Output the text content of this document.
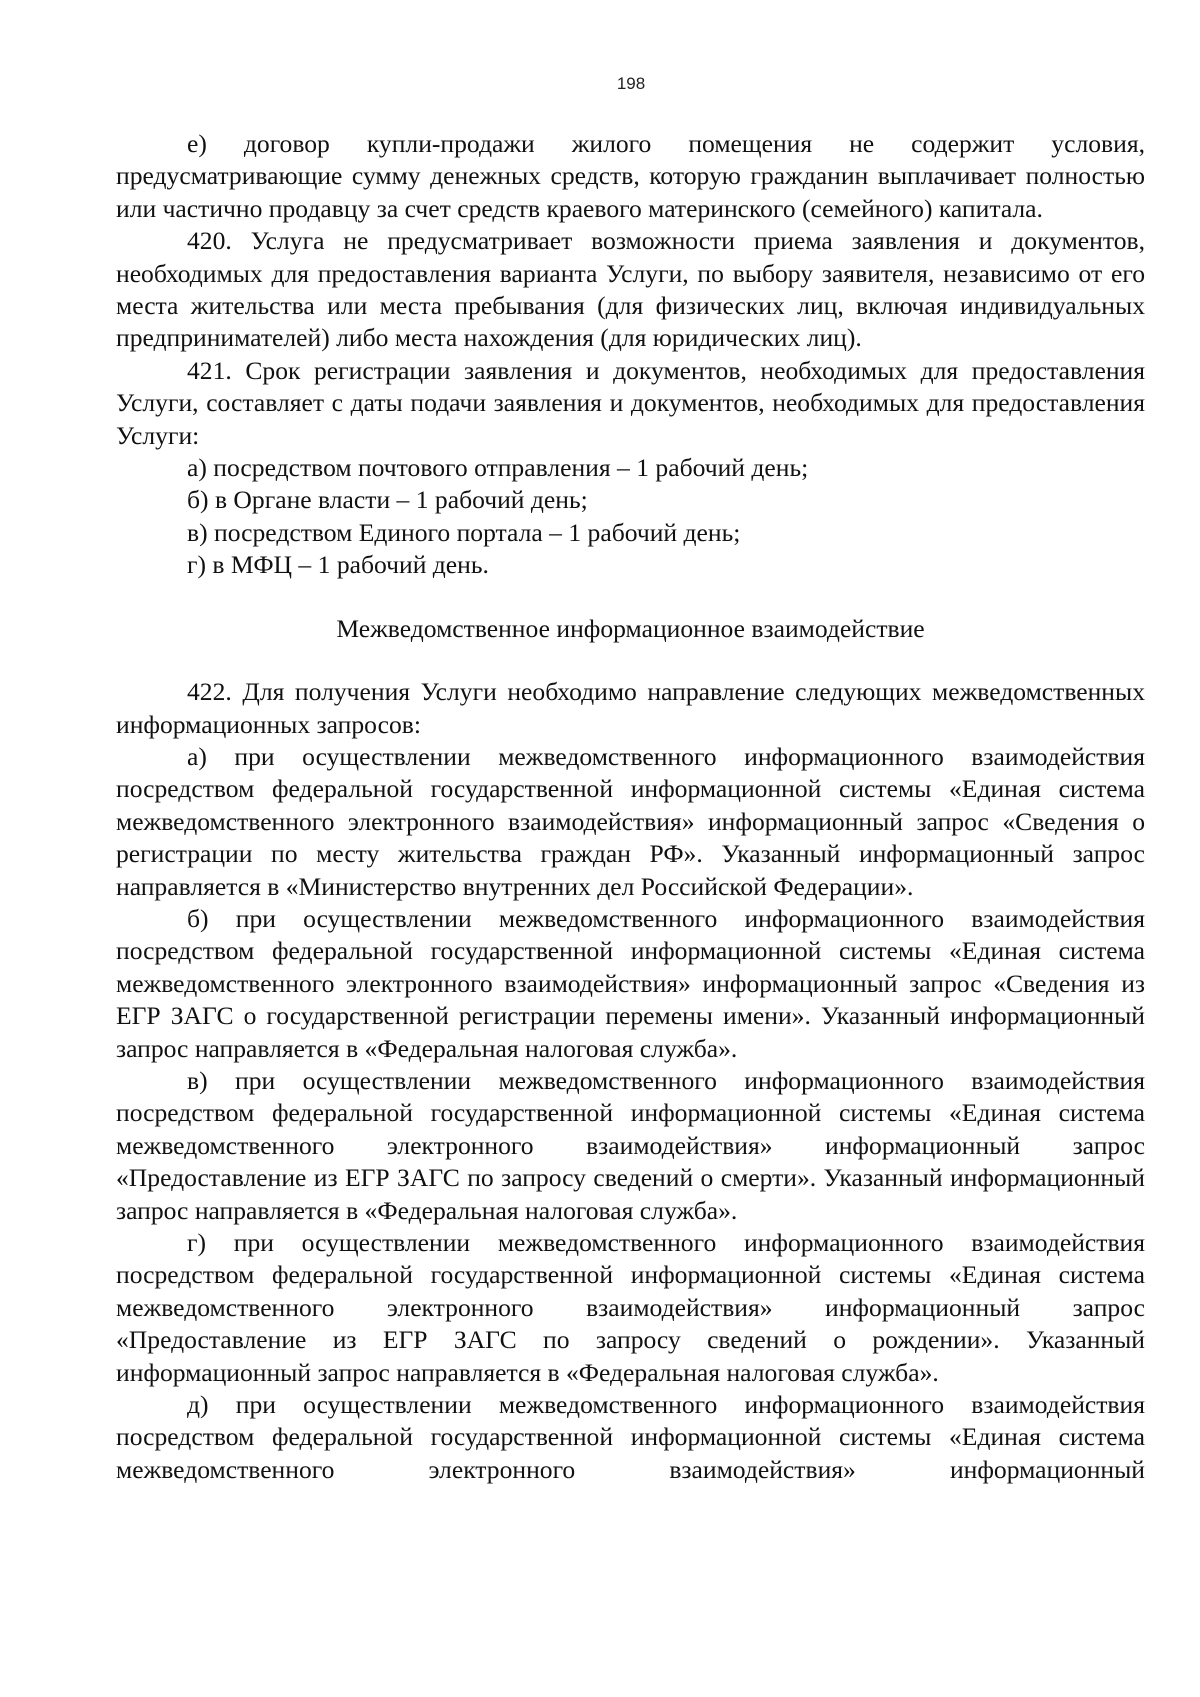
198

е) договор купли-продажи жилого помещения не содержит условия, предусматривающие сумму денежных средств, которую гражданин выплачивает полностью или частично продавцу за счет средств краевого материнского (семейного) капитала.

420. Услуга не предусматривает возможности приема заявления и документов, необходимых для предоставления варианта Услуги, по выбору заявителя, независимо от его места жительства или места пребывания (для физических лиц, включая индивидуальных предпринимателей) либо места нахождения (для юридических лиц).

421. Срок регистрации заявления и документов, необходимых для предоставления Услуги, составляет с даты подачи заявления и документов, необходимых для предоставления Услуги:

а) посредством почтового отправления – 1 рабочий день;

б) в Органе власти – 1 рабочий день;

в) посредством Единого портала – 1 рабочий день;

г) в МФЦ – 1 рабочий день.

Межведомственное информационное взаимодействие

422. Для получения Услуги необходимо направление следующих межведомственных информационных запросов:

а) при осуществлении межведомственного информационного взаимодействия посредством федеральной государственной информационной системы «Единая система межведомственного электронного взаимодействия» информационный запрос «Сведения о регистрации по месту жительства граждан РФ». Указанный информационный запрос направляется в «Министерство внутренних дел Российской Федерации».

б) при осуществлении межведомственного информационного взаимодействия посредством федеральной государственной информационной системы «Единая система межведомственного электронного взаимодействия» информационный запрос «Сведения из ЕГР ЗАГС о государственной регистрации перемены имени». Указанный информационный запрос направляется в «Федеральная налоговая служба».

в) при осуществлении межведомственного информационного взаимодействия посредством федеральной государственной информационной системы «Единая система межведомственного электронного взаимодействия» информационный запрос «Предоставление из ЕГР ЗАГС по запросу сведений о смерти». Указанный информационный запрос направляется в «Федеральная налоговая служба».

г) при осуществлении межведомственного информационного взаимодействия посредством федеральной государственной информационной системы «Единая система межведомственного электронного взаимодействия» информационный запрос «Предоставление из ЕГР ЗАГС по запросу сведений о рождении». Указанный информационный запрос направляется в «Федеральная налоговая служба».

д) при осуществлении межведомственного информационного взаимодействия посредством федеральной государственной информационной системы «Единая система межведомственного электронного взаимодействия» информационный
